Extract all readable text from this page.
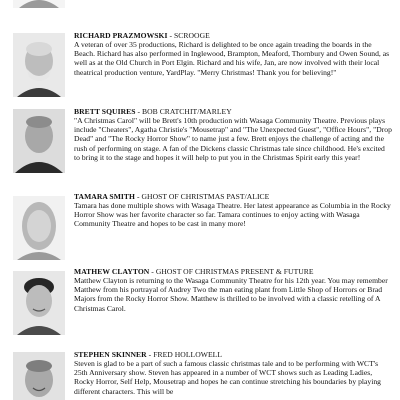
RICHARD PRAZMOWSKI - SCROOGE

A veteran of over 35 productions, Richard is delighted to be once again treading the boards in the Beach. Richard has also performed in Inglewood, Brampton, Meaford, Thornbury and Owen Sound, as well as at the Old Church in Port Elgin. Richard and his wife, Jan, are now involved with their local theatrical production venture, YardPlay. "Merry Christmas! Thank you for believing!"

BRETT SQUIRES - BOB CRATCHIT/MARLEY

"A Christmas Carol" will be Brett's 10th production with Wasaga Community Theatre. Previous plays include "Cheaters", Agatha Christie's "Mousetrap" and "The Unexpected Guest", "Office Hours", "Drop Dead" and "The Rocky Horror Show" to name just a few. Brett enjoys the challenge of acting and the rush of performing on stage. A fan of the Dickens classic Christmas tale since childhood. He's excited to bring it to the stage and hopes it will help to put you in the Christmas Spirit early this year!

TAMARA SMITH - GHOST OF CHRISTMAS PAST/ALICE

Tamara has done multiple shows with Wasaga Theatre. Her latest appearance as Columbia in the Rocky Horror Show was her favorite character so far. Tamara continues to enjoy acting with Wasaga Community Theatre and hopes to be cast in many more!

MATHEW CLAYTON - GHOST OF CHRISTMAS PRESENT & FUTURE

Matthew Clayton is returning to the Wasaga Community Theatre for his 12th year. You may remember Matthew from his portrayal of Audrey Two the man eating plant from Little Shop of Horrors or Brad Majors from the Rocky Horror Show. Matthew is thrilled to be involved with a classic retelling of A Christmas Carol.

STEPHEN SKINNER - FRED HOLLOWELL

Steven is glad to be a part of such a famous classic christmas tale and to be performing with WCT's 25th Anniversary show. Steven has appeared in a number of WCT shows such as Leading Ladies, Rocky Horror, Self Help, Mousetrap and hopes he can continue stretching his boundaries by playing different characters. This will be
